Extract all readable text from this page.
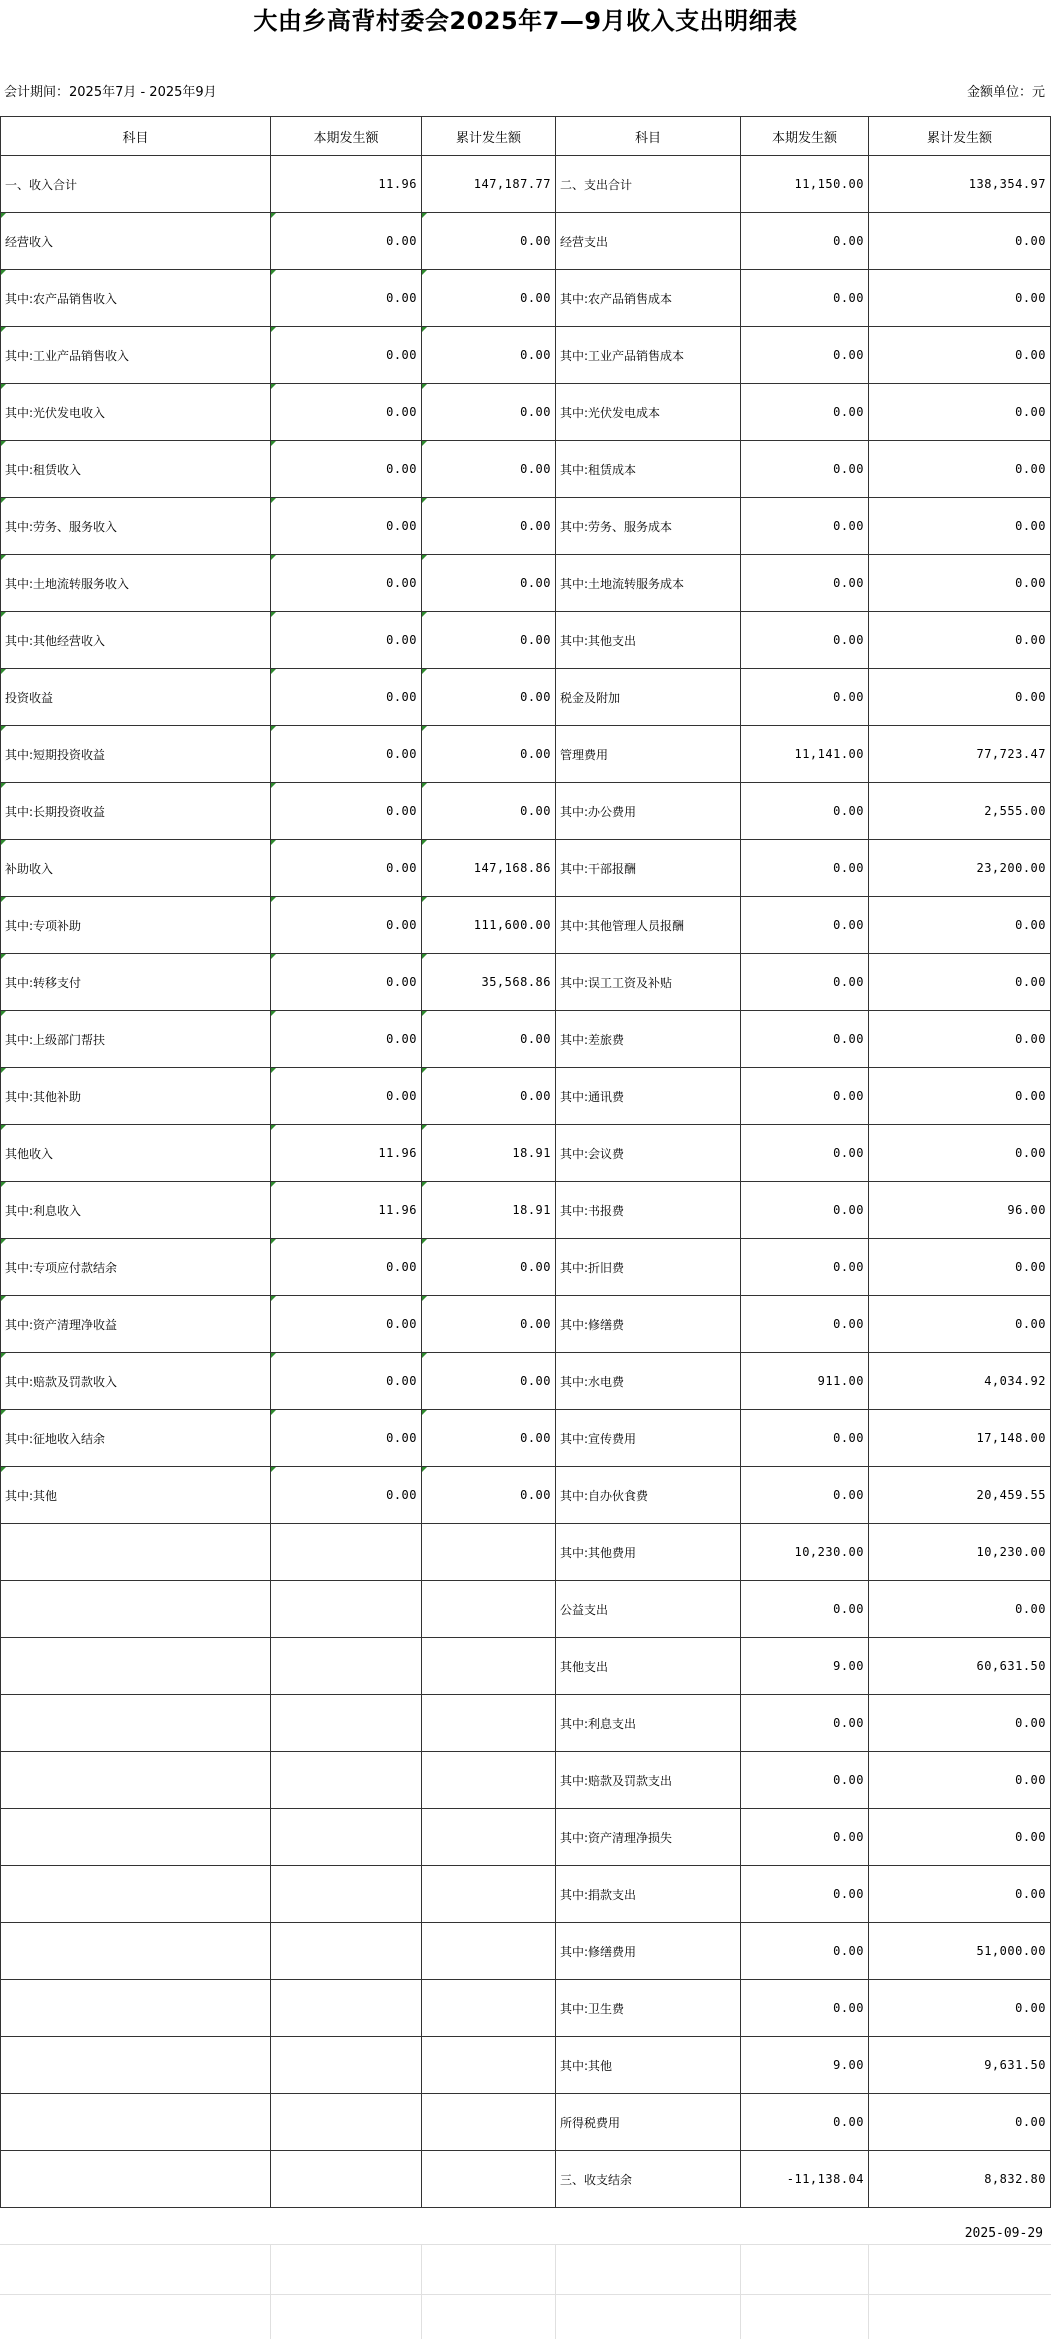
大由乡高背村委会2025年7—9月收入支出明细表
会计期间：2025年7月 - 2025年9月	金额单位：元
科目	本期发生额	累计发生额	科目	本期发生额	累计发生额
一、收入合计	11.96	147,187.77	二、支出合计	11,150.00	138,354.97
经营收入	0.00	0.00	经营支出	0.00	0.00
其中:农产品销售收入	0.00	0.00	其中:农产品销售成本	0.00	0.00
其中:工业产品销售收入	0.00	0.00	其中:工业产品销售成本	0.00	0.00
其中:光伏发电收入	0.00	0.00	其中:光伏发电成本	0.00	0.00
其中:租赁收入	0.00	0.00	其中:租赁成本	0.00	0.00
其中:劳务、服务收入	0.00	0.00	其中:劳务、服务成本	0.00	0.00
其中:土地流转服务收入	0.00	0.00	其中:土地流转服务成本	0.00	0.00
其中:其他经营收入	0.00	0.00	其中:其他支出	0.00	0.00
投资收益	0.00	0.00	税金及附加	0.00	0.00
其中:短期投资收益	0.00	0.00	管理费用	11,141.00	77,723.47
其中:长期投资收益	0.00	0.00	其中:办公费用	0.00	2,555.00
补助收入	0.00	147,168.86	其中:干部报酬	0.00	23,200.00
其中:专项补助	0.00	111,600.00	其中:其他管理人员报酬	0.00	0.00
其中:转移支付	0.00	35,568.86	其中:误工工资及补贴	0.00	0.00
其中:上级部门帮扶	0.00	0.00	其中:差旅费	0.00	0.00
其中:其他补助	0.00	0.00	其中:通讯费	0.00	0.00
其他收入	11.96	18.91	其中:会议费	0.00	0.00
其中:利息收入	11.96	18.91	其中:书报费	0.00	96.00
其中:专项应付款结余	0.00	0.00	其中:折旧费	0.00	0.00
其中:资产清理净收益	0.00	0.00	其中:修缮费	0.00	0.00
其中:赔款及罚款收入	0.00	0.00	其中:水电费	911.00	4,034.92
其中:征地收入结余	0.00	0.00	其中:宣传费用	0.00	17,148.00
其中:其他	0.00	0.00	其中:自办伙食费	0.00	20,459.55
			其中:其他费用	10,230.00	10,230.00
			公益支出	0.00	0.00
			其他支出	9.00	60,631.50
			其中:利息支出	0.00	0.00
			其中:赔款及罚款支出	0.00	0.00
			其中:资产清理净损失	0.00	0.00
			其中:捐款支出	0.00	0.00
			其中:修缮费用	0.00	51,000.00
			其中:卫生费	0.00	0.00
			其中:其他	9.00	9,631.50
			所得税费用	0.00	0.00
			三、收支结余	-11,138.04	8,832.80
2025-09-29
